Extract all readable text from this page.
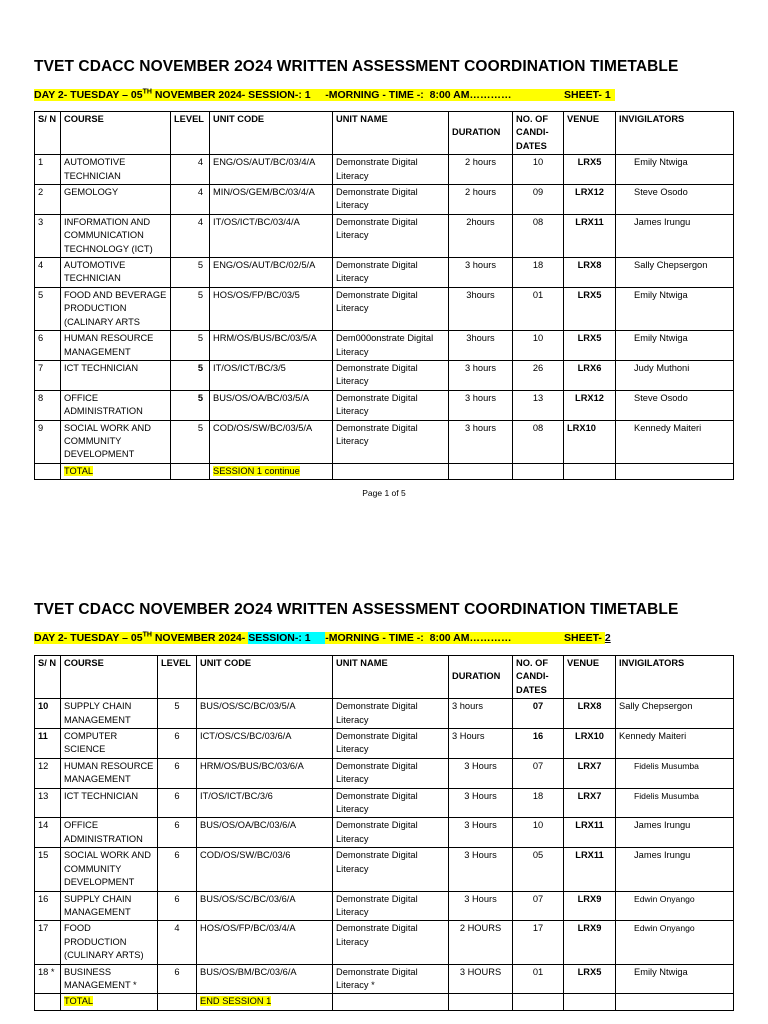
TVET CDACC NOVEMBER 2O24 WRITTEN ASSESSMENT COORDINATION TIMETABLE
DAY 2- TUESDAY – 05TH NOVEMBER 2024- SESSION-: 1     -MORNING - TIME -:  8:00 AM…………                  SHEET- 1
S/ N	COURSE	LEVEL	UNIT CODE	UNIT NAME	DURATION	NO. OF CANDI-DATES	VENUE	INVIGILATORS
1	AUTOMOTIVE TECHNICIAN	4	ENG/OS/AUT/BC/03/4/A	Demonstrate Digital Literacy	2 hours	10	LRX5	Emily Ntwiga
2	GEMOLOGY	4	MIN/OS/GEM/BC/03/4/A	Demonstrate Digital Literacy	2 hours	09	LRX12	Steve Osodo
3	INFORMATION AND COMMUNICATION TECHNOLOGY (ICT)	4	IT/OS/ICT/BC/03/4/A	Demonstrate Digital Literacy	2hours	08	LRX11	James Irungu
4	AUTOMOTIVE TECHNICIAN	5	ENG/OS/AUT/BC/02/5/A	Demonstrate Digital Literacy	3 hours	18	LRX8	Sally Chepsergon
5	FOOD AND BEVERAGE PRODUCTION (CALINARY ARTS	5	HOS/OS/FP/BC/03/5	Demonstrate Digital Literacy	3hours	01	LRX5	Emily Ntwiga
6	HUMAN RESOURCE MANAGEMENT	5	HRM/OS/BUS/BC/03/5/A	Dem000onstrate Digital Literacy	3hours	10	LRX5	Emily Ntwiga
7	ICT TECHNICIAN	5	IT/OS/ICT/BC/3/5	Demonstrate Digital Literacy	3 hours	26	LRX6	Judy Muthoni
8	OFFICE ADMINISTRATION	5	BUS/OS/OA/BC/03/5/A	Demonstrate Digital Literacy	3 hours	13	LRX12	Steve Osodo
9	SOCIAL WORK AND COMMUNITY DEVELOPMENT	5	COD/OS/SW/BC/03/5/A	Demonstrate Digital Literacy	3 hours	08	LRX10	Kennedy Maiteri
	TOTAL		SESSION 1 continue					
Page 1 of 5
TVET CDACC NOVEMBER 2O24 WRITTEN ASSESSMENT COORDINATION TIMETABLE
DAY 2- TUESDAY – 05TH NOVEMBER 2024- SESSION-: 1     -MORNING - TIME -:  8:00 AM…………                  SHEET- 2
S/ N	COURSE	LEVEL	UNIT CODE	UNIT NAME	DURATION	NO. OF CANDI-DATES	VENUE	INVIGILATORS
10	SUPPLY CHAIN MANAGEMENT	5	BUS/OS/SC/BC/03/5/A	Demonstrate Digital Literacy	3 hours	07	LRX8	Sally Chepsergon
11	COMPUTER SCIENCE	6	ICT/OS/CS/BC/03/6/A	Demonstrate Digital Literacy	3 Hours	16	LRX10	Kennedy Maiteri
12	HUMAN RESOURCE MANAGEMENT	6	HRM/OS/BUS/BC/03/6/A	Demonstrate Digital Literacy	3 Hours	07	LRX7	Fidelis Musumba
13	ICT TECHNICIAN	6	IT/OS/ICT/BC/3/6	Demonstrate Digital Literacy	3 Hours	18	LRX7	Fidelis Musumba
14	OFFICE ADMINISTRATION	6	BUS/OS/OA/BC/03/6/A	Demonstrate Digital Literacy	3 Hours	10	LRX11	James Irungu
15	SOCIAL WORK AND COMMUNITY DEVELOPMENT	6	COD/OS/SW/BC/03/6	Demonstrate Digital Literacy	3 Hours	05	LRX11	James Irungu
16	SUPPLY CHAIN MANAGEMENT	6	BUS/OS/SC/BC/03/6/A	Demonstrate Digital Literacy	3 Hours	07	LRX9	Edwin Onyango
17	FOOD PRODUCTION (CULINARY ARTS)	4	HOS/OS/FP/BC/03/4/A	Demonstrate Digital Literacy	2 HOURS	17	LRX9	Edwin Onyango
18 *	BUSINESS MANAGEMENT *	6	BUS/OS/BM/BC/03/6/A	Demonstrate Digital Literacy *	3 HOURS	01	LRX5	Emily Ntwiga
	TOTAL		END SESSION 1					
